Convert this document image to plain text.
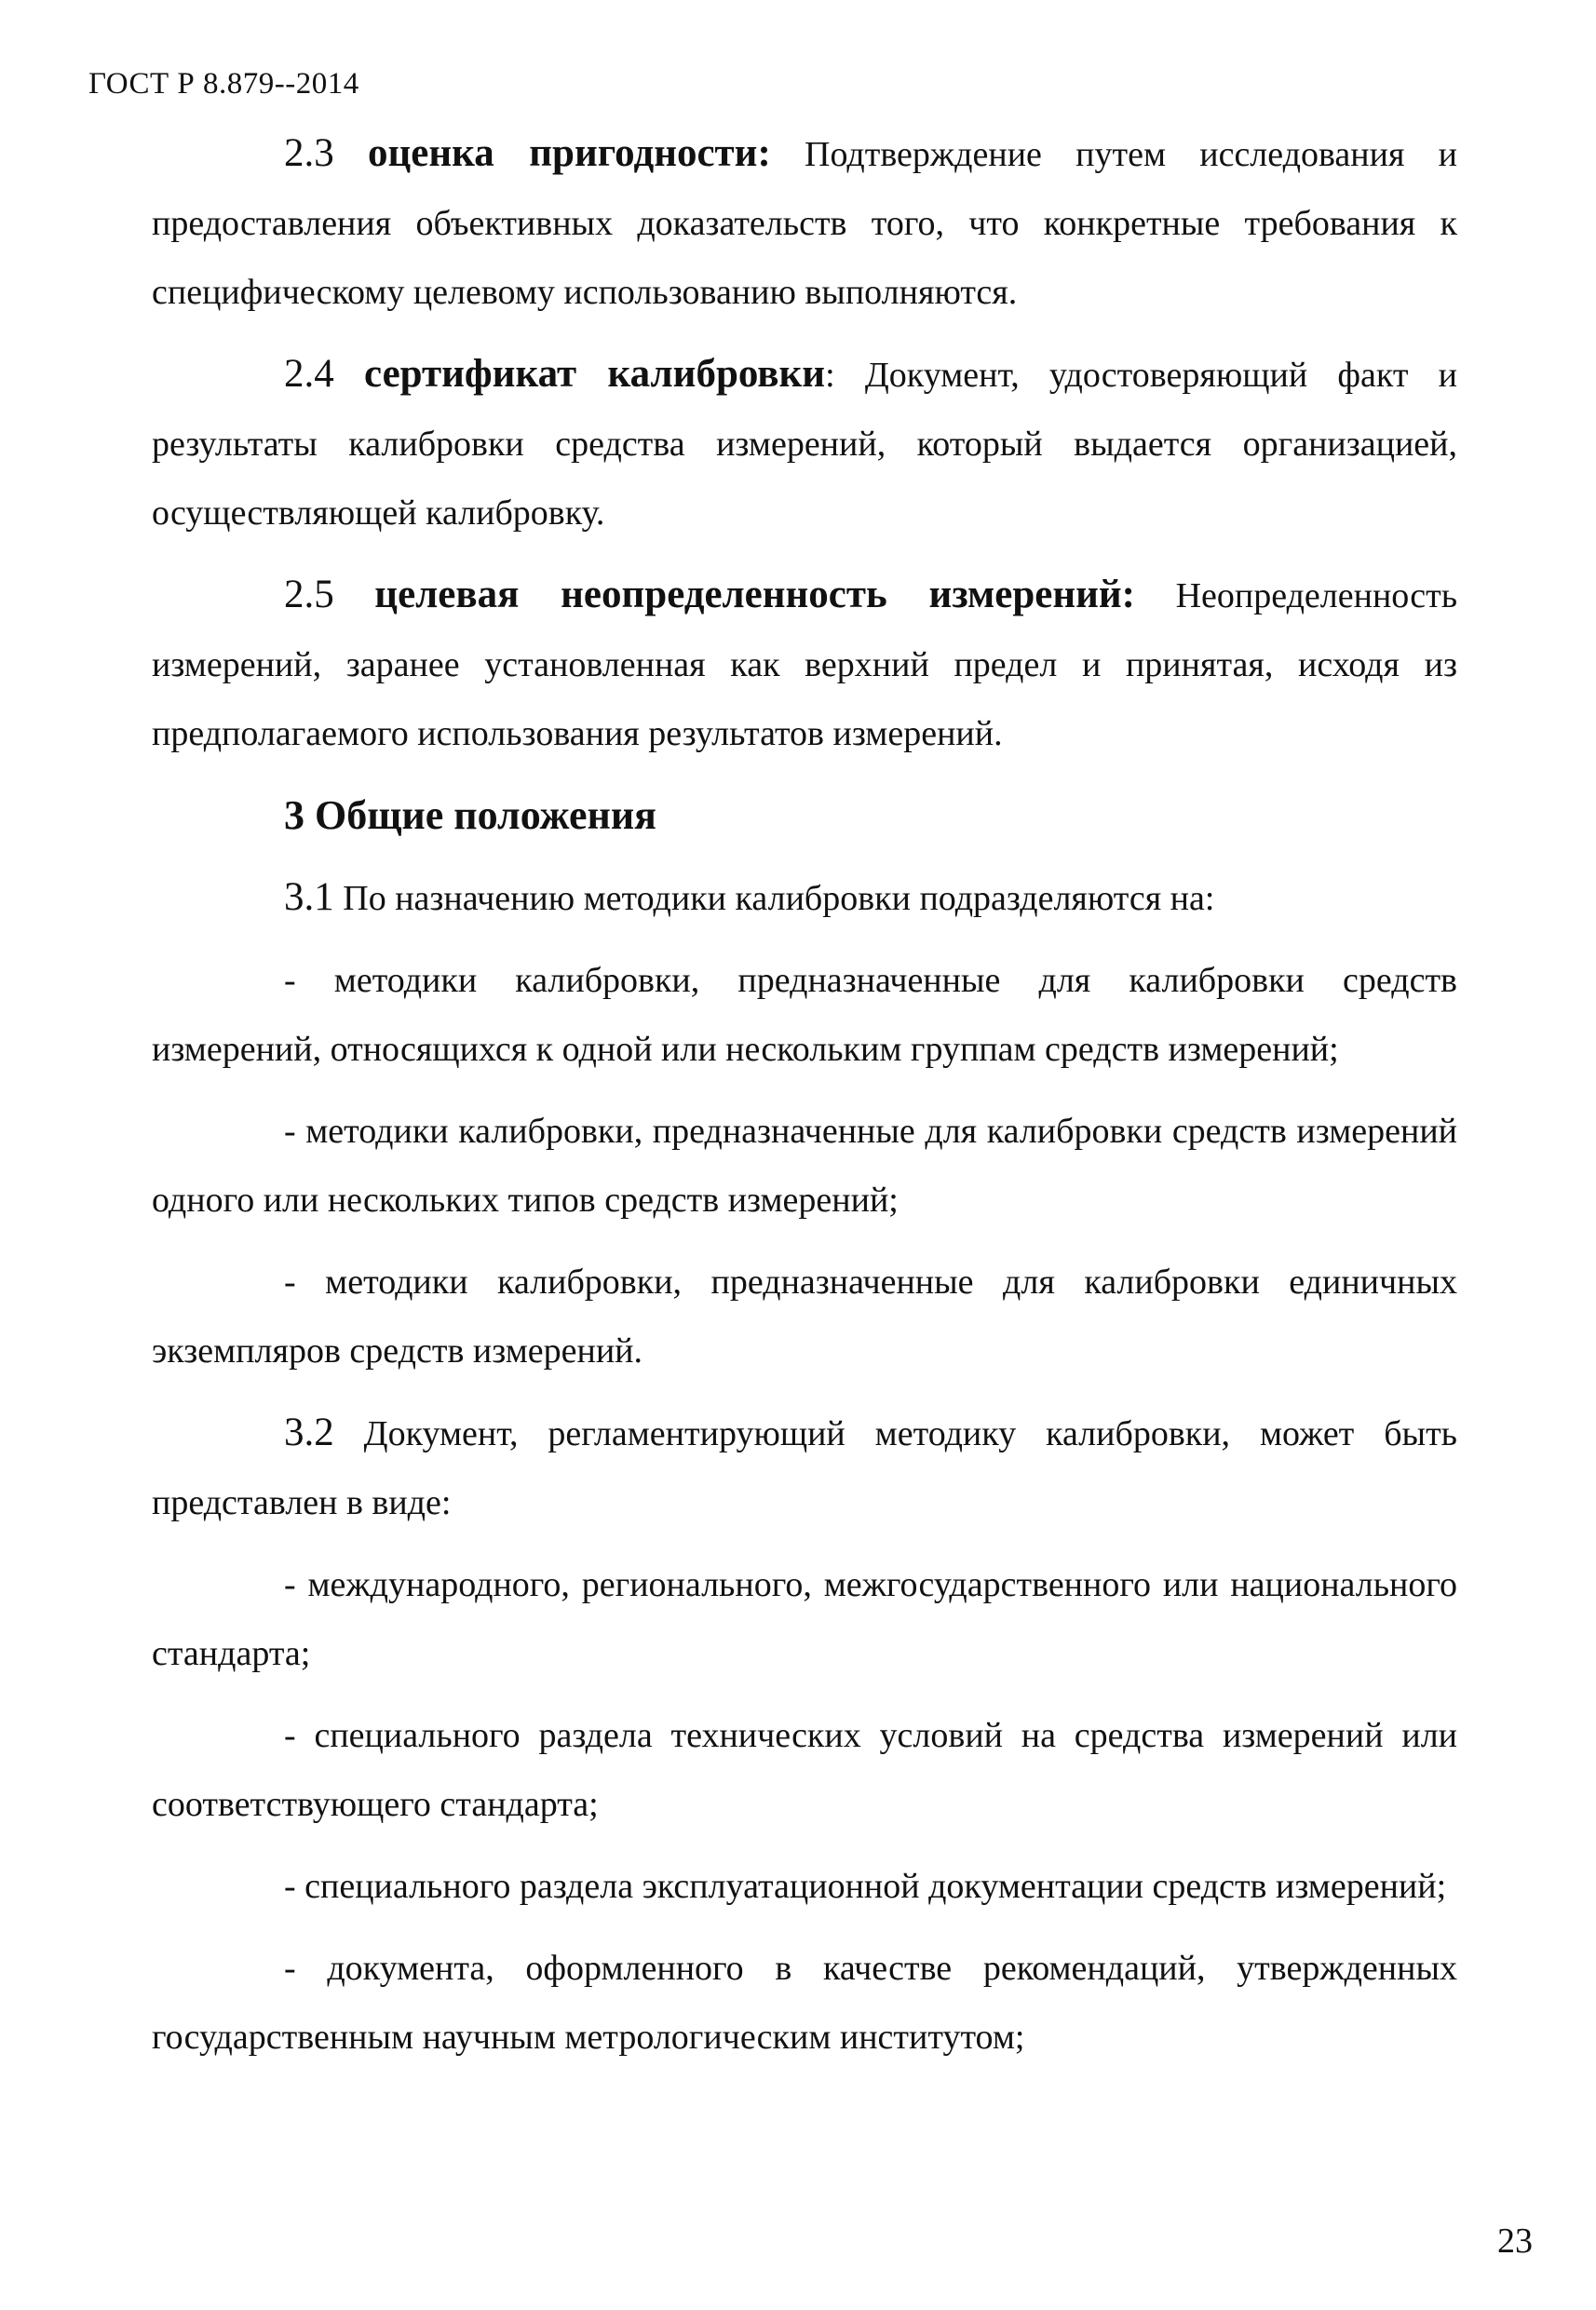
ГОСТ Р 8.879--2014

2.3 оценка пригодности: Подтверждение путем исследования и предоставления объективных доказательств того, что конкретные требования к специфическому целевому использованию выполняются.

2.4 сертификат калибровки: Документ, удостоверяющий факт и результаты калибровки средства измерений, который выдается организацией, осуществляющей калибровку.

2.5 целевая неопределенность измерений: Неопределенность измерений, заранее установленная как верхний предел и принятая, исходя из предполагаемого использования результатов измерений.

3 Общие положения

3.1 По назначению методики калибровки подразделяются на:

- методики калибровки, предназначенные для калибровки средств измерений, относящихся к одной или нескольким группам средств измерений;

- методики калибровки, предназначенные для калибровки средств измерений одного или нескольких типов средств измерений;

- методики калибровки, предназначенные для калибровки единичных экземпляров средств измерений.

3.2 Документ, регламентирующий методику калибровки, может быть представлен в виде:

- международного, регионального, межгосударственного или национального стандарта;

- специального раздела технических условий на средства измерений или соответствующего стандарта;

- специального раздела эксплуатационной документации средств измерений;

- документа, оформленного в качестве рекомендаций, утвержденных государственным научным метрологическим институтом;

23
